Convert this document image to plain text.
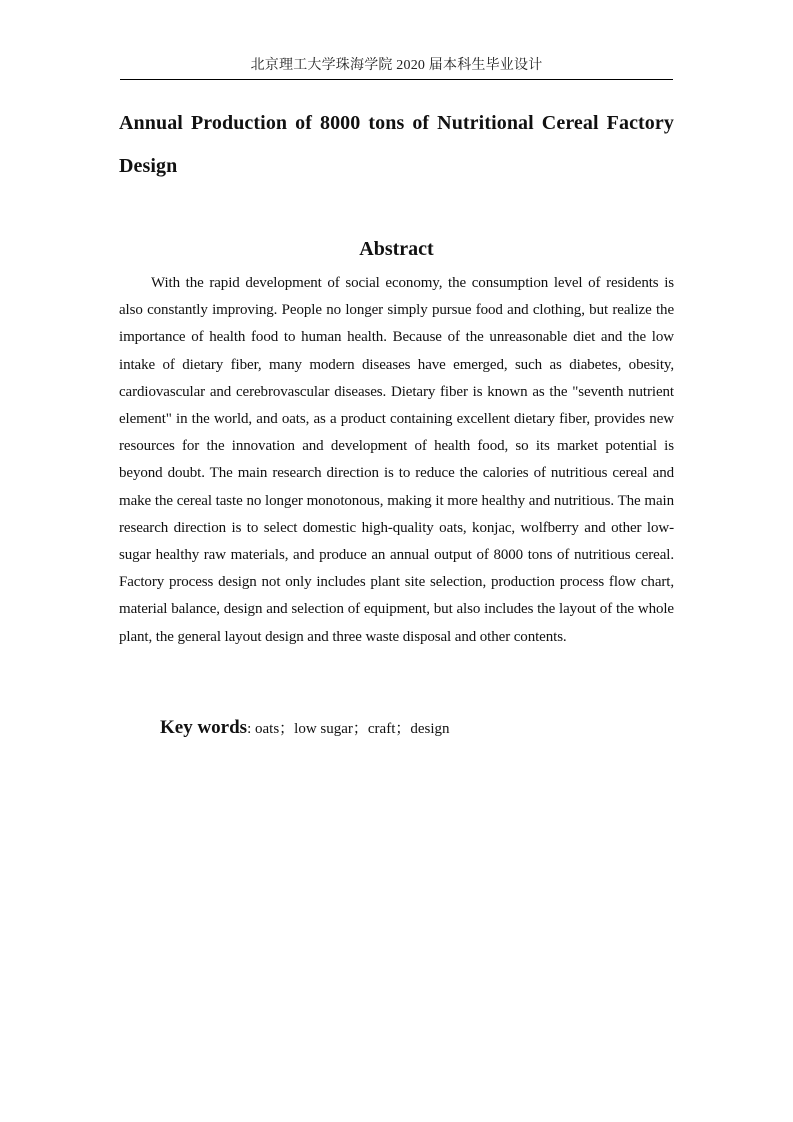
北京理工大学珠海学院 2020 届本科生毕业设计
Annual Production of 8000 tons of Nutritional Cereal Factory Design
Abstract

With the rapid development of social economy, the consumption level of residents is also constantly improving. People no longer simply pursue food and clothing, but realize the importance of health food to human health. Because of the unreasonable diet and the low intake of dietary fiber, many modern diseases have emerged, such as diabetes, obesity, cardiovascular and cerebrovascular diseases. Dietary fiber is known as the "seventh nutrient element" in the world, and oats, as a product containing excellent dietary fiber, provides new resources for the innovation and development of health food, so its market potential is beyond doubt. The main research direction is to reduce the calories of nutritious cereal and make the cereal taste no longer monotonous, making it more healthy and nutritious. The main research direction is to select domestic high-quality oats, konjac, wolfberry and other low-sugar healthy raw materials, and produce an annual output of 8000 tons of nutritious cereal. Factory process design not only includes plant site selection, production process flow chart, material balance, design and selection of equipment, but also includes the layout of the whole plant, the general layout design and three waste disposal and other contents.

Key words: oats；low sugar；craft；design
